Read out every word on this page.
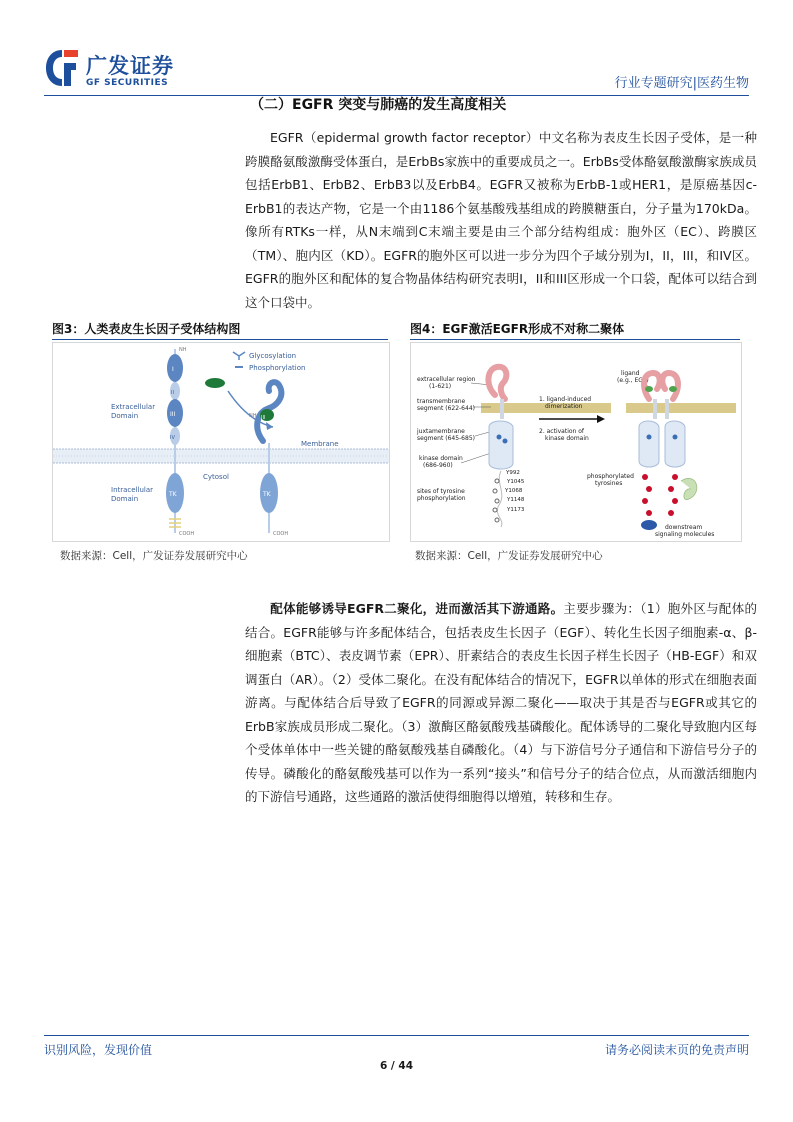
广发证券
GF SECURITIES	行业专题研究|医药生物
（二）EGFR 突变与肺癌的发生高度相关
EGFR（epidermal growth factor receptor）中文名称为表皮生长因子受体，是一种跨膜酪氨酸激酶受体蛋白，是ErbBs家族中的重要成员之一。ErbBs受体酪氨酸激酶家族成员包括ErbB1、ErbB2、ErbB3以及ErbB4。EGFR又被称为ErbB-1或HER1，是原癌基因c-ErbB1的表达产物，它是一个由1186个氨基酸残基组成的跨膜糖蛋白，分子量为170kDa。像所有RTKs一样，从N末端到C末端主要是由三个部分结构组成：胞外区（EC）、跨膜区（TM）、胞内区（KD）。EGFR的胞外区可以进一步分为四个子域分别为I，II，III，和IV区。EGFR的胞外区和配体的复合物晶体结构研究表明I，II和III区形成一个口袋，配体可以结合到这个口袋中。
图3：人类表皮生长因子受体结构图
Glycosylation
Phosphorylation
Membrane
Cytosol
Extracellular
Domain
Intracellular
Domain
NH
I
II
III
IV
TK
COOH
NH III
TK
COOH
数据来源：Cell，广发证券发展研究中心
图4：EGF激活EGFR形成不对称二聚体
extracellular region
(1-621)
transmembrane
segment (622-644)
juxtamembrane
segment (645-685)
kinase domain
(686-960)
sites of tyrosine
phosphorylation
Y992
Y1045
Y1068
Y1148
Y1173
1. ligand-induced
dimerization
2. activation of
kinase domain
ligand
(e.g., EGF)
phosphorylated
tyrosines
downstream
signaling molecules
数据来源：Cell，广发证券发展研究中心
配体能够诱导EGFR二聚化，进而激活其下游通路。主要步骤为：（1）胞外区与配体的结合。EGFR能够与许多配体结合，包括表皮生长因子（EGF）、转化生长因子细胞素-α、β-细胞素（BTC）、表皮调节素（EPR）、肝素结合的表皮生长因子样生长因子（HB-EGF）和双调蛋白（AR）。（2）受体二聚化。在没有配体结合的情况下，EGFR以单体的形式在细胞表面游离。与配体结合后导致了EGFR的同源或异源二聚化——取决于其是否与EGFR或其它的ErbB家族成员形成二聚化。（3）激酶区酪氨酸残基磷酸化。配体诱导的二聚化导致胞内区每个受体单体中一些关键的酪氨酸残基自磷酸化。（4）与下游信号分子通信和下游信号分子的传导。磷酸化的酪氨酸残基可以作为一系列“接头”和信号分子的结合位点，从而激活细胞内的下游信号通路，这些通路的激活使得细胞得以增殖，转移和生存。
识别风险，发现价值	请务必阅读末页的免责声明
6 / 44
